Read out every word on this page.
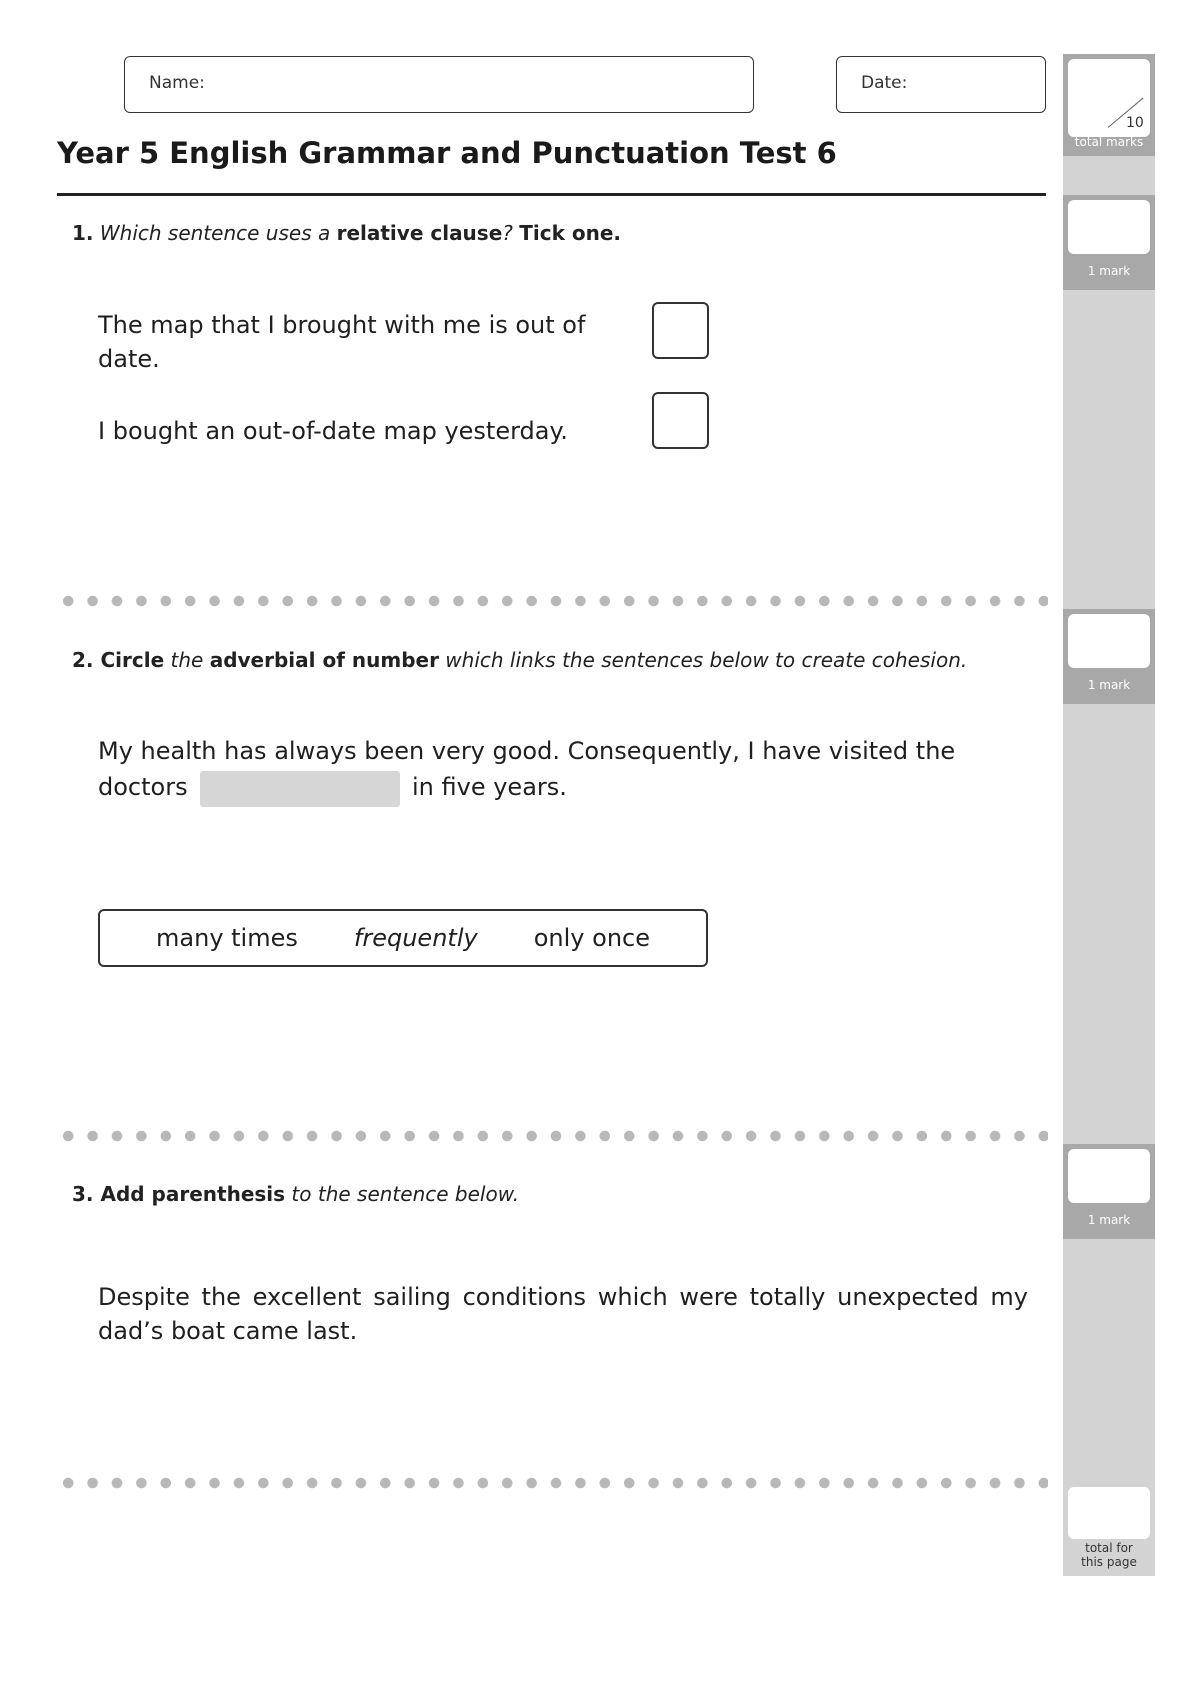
Name:	Date:
Year 5 English Grammar and Punctuation Test 6
10
total marks
1 mark
1 mark
1 mark
total for
this page
1. Which sentence uses a relative clause? Tick one.
The map that I brought with me is out of date.
I bought an out-of-date map yesterday.
2. Circle the adverbial of number which links the sentences below to create cohesion.
My health has always been very good. Consequently, I have visited the
doctors	in five years.
many times frequently only once
3. Add parenthesis to the sentence below.
Despite the excellent sailing conditions which were totally unexpected my dad’s boat came last.
